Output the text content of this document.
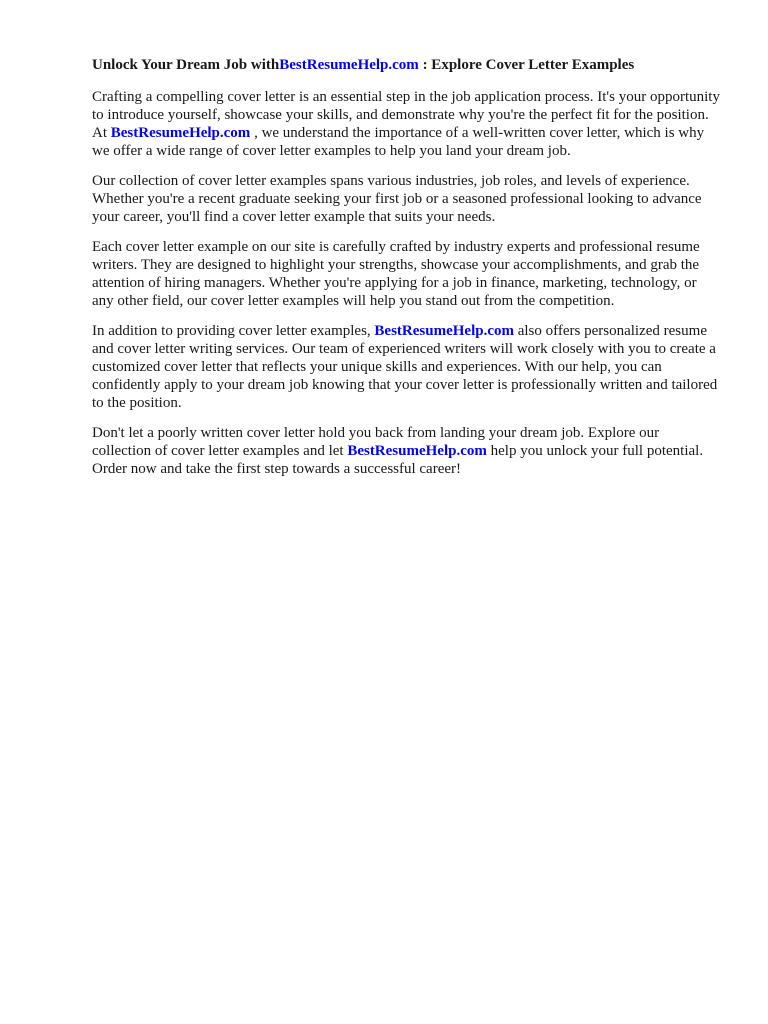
Unlock Your Dream Job withBestResumeHelp.com : Explore Cover Letter Examples

Crafting a compelling cover letter is an essential step in the job application process. It's your opportunity to introduce yourself, showcase your skills, and demonstrate why you're the perfect fit for the position. At BestResumeHelp.com , we understand the importance of a well-written cover letter, which is why we offer a wide range of cover letter examples to help you land your dream job.

Our collection of cover letter examples spans various industries, job roles, and levels of experience. Whether you're a recent graduate seeking your first job or a seasoned professional looking to advance your career, you'll find a cover letter example that suits your needs.

Each cover letter example on our site is carefully crafted by industry experts and professional resume writers. They are designed to highlight your strengths, showcase your accomplishments, and grab the attention of hiring managers. Whether you're applying for a job in finance, marketing, technology, or any other field, our cover letter examples will help you stand out from the competition.

In addition to providing cover letter examples, BestResumeHelp.com also offers personalized resume and cover letter writing services. Our team of experienced writers will work closely with you to create a customized cover letter that reflects your unique skills and experiences. With our help, you can confidently apply to your dream job knowing that your cover letter is professionally written and tailored to the position.

Don't let a poorly written cover letter hold you back from landing your dream job. Explore our collection of cover letter examples and let BestResumeHelp.com help you unlock your full potential. Order now and take the first step towards a successful career!
